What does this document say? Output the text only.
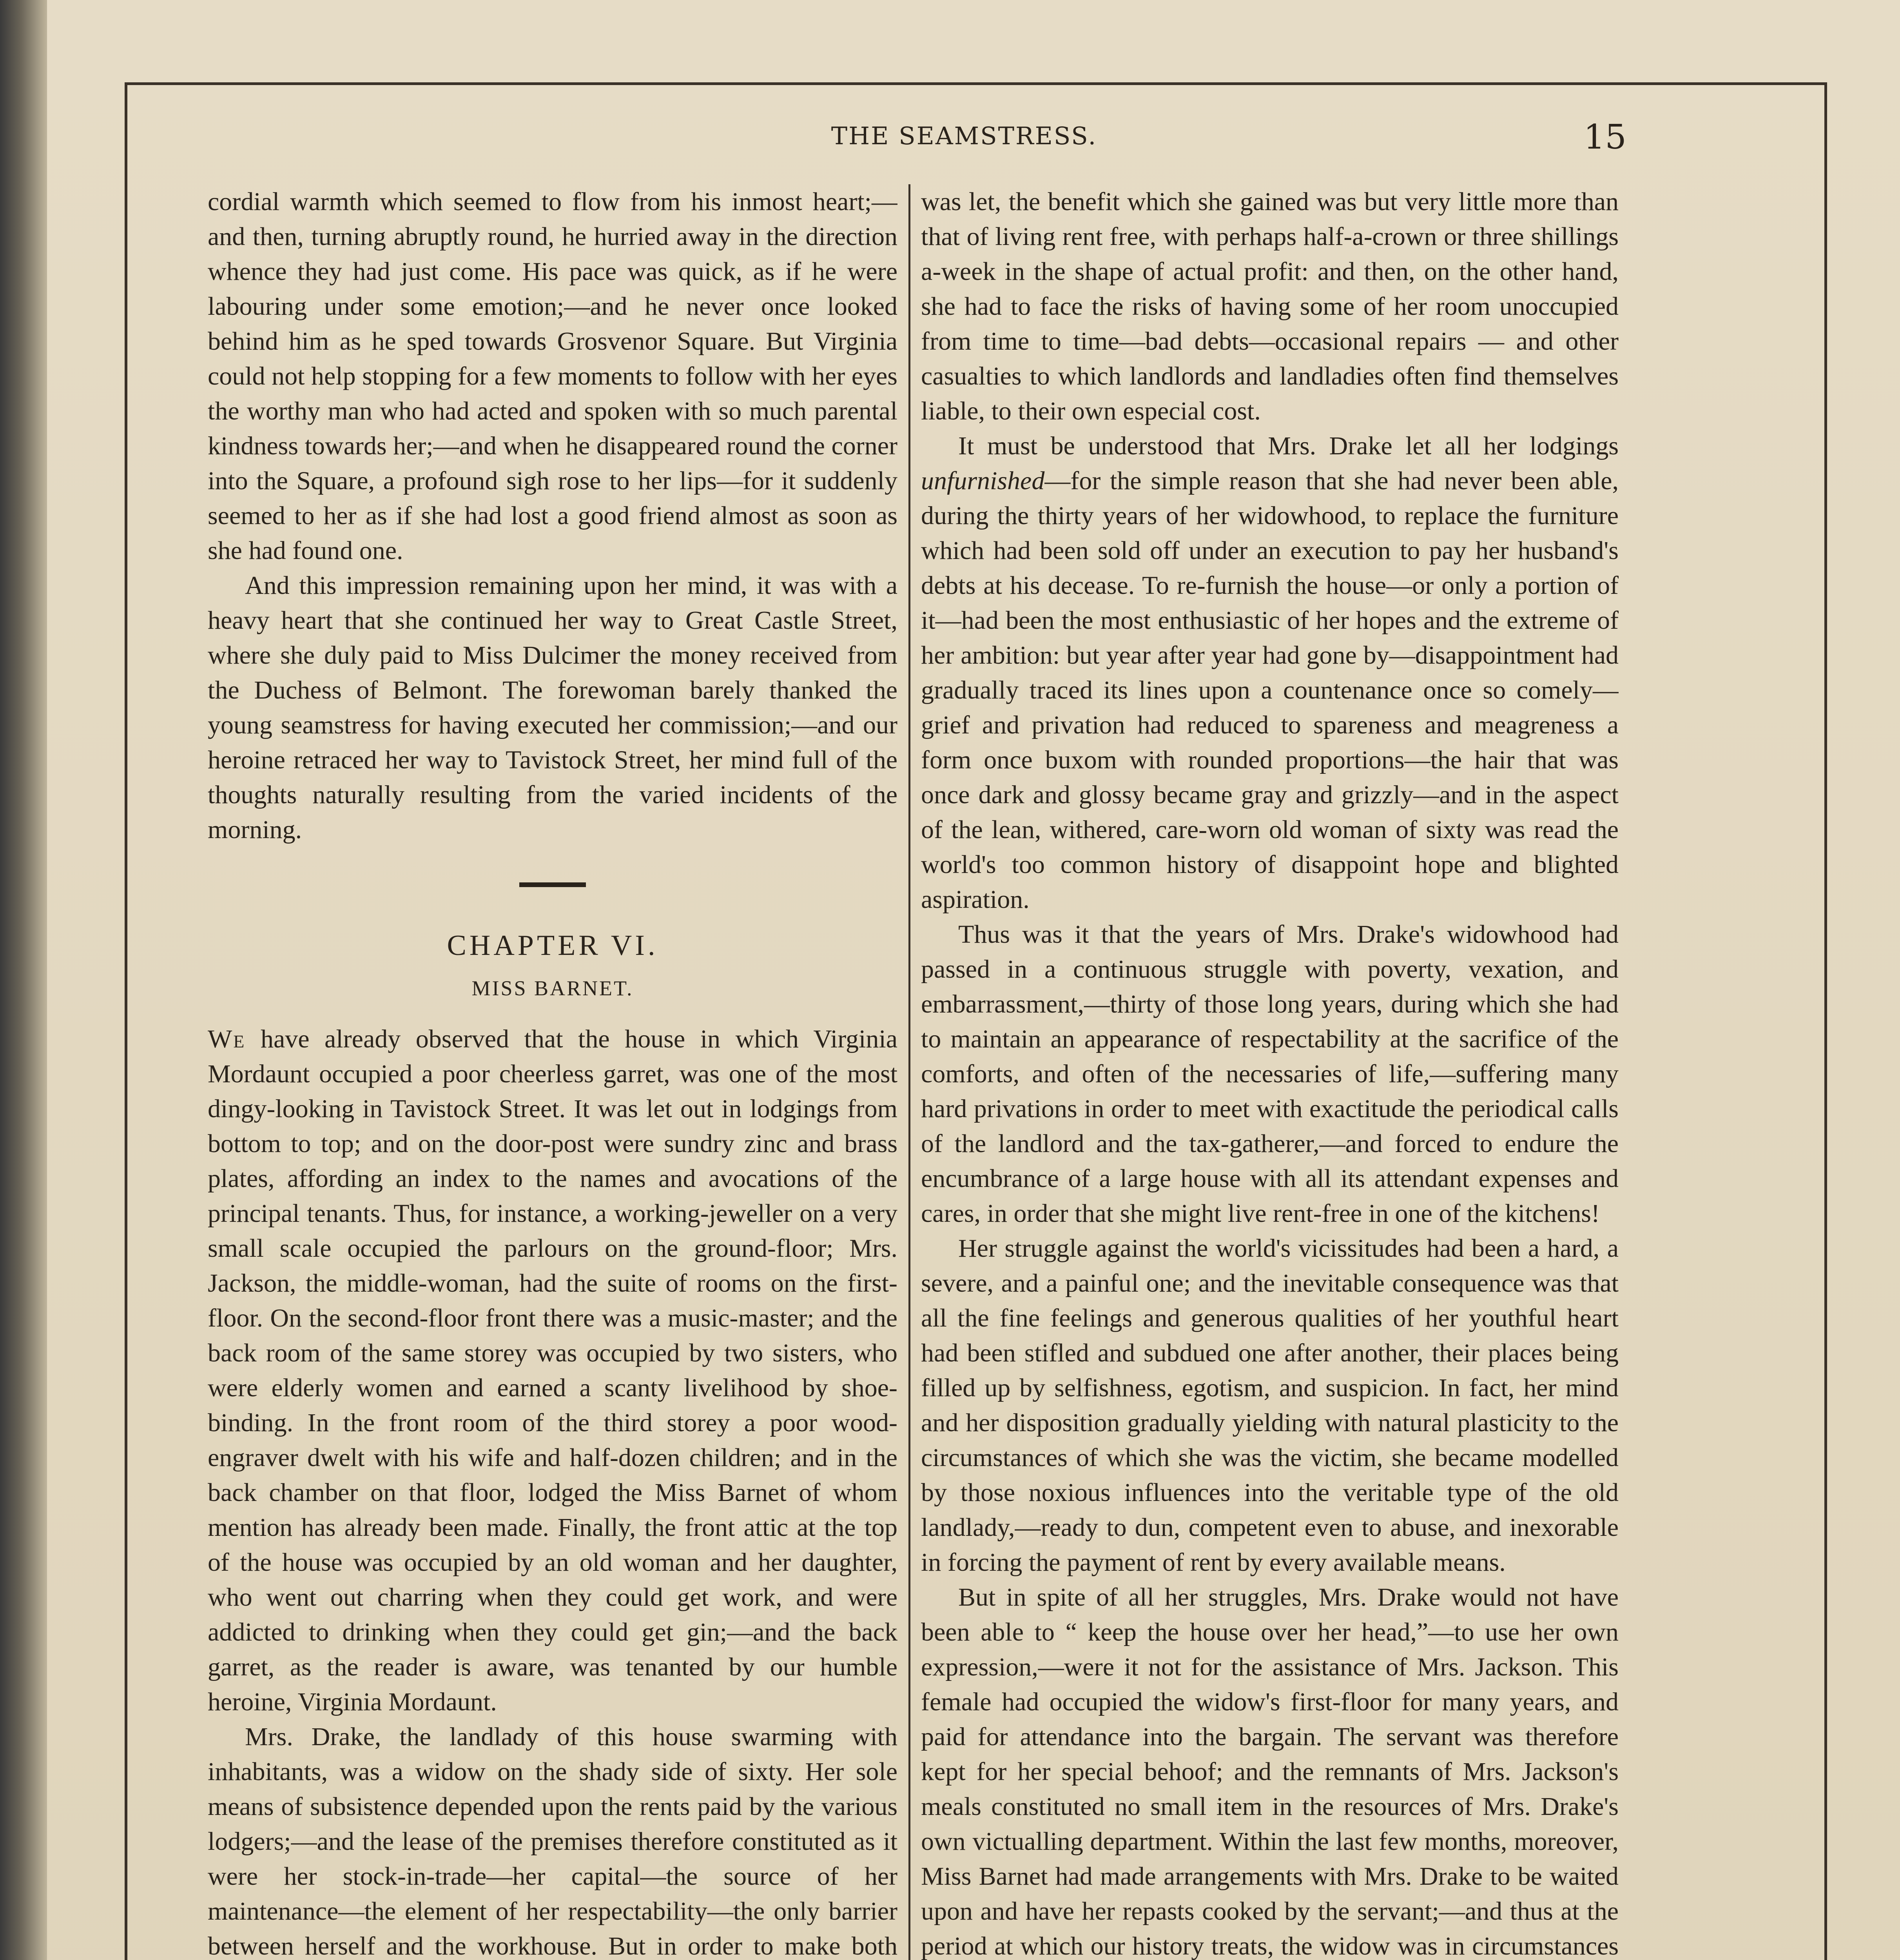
THE SEAMSTRESS.	15

cordial warmth which seemed to flow from his inmost heart;—and then, turning abruptly round, he hurried away in the direction whence they had just come. His pace was quick, as if he were labouring under some emotion;—and he never once looked behind him as he sped towards Grosvenor Square. But Virginia could not help stopping for a few moments to follow with her eyes the worthy man who had acted and spoken with so much parental kindness towards her;—and when he disappeared round the corner into the Square, a profound sigh rose to her lips—for it suddenly seemed to her as if she had lost a good friend almost as soon as she had found one.

And this impression remaining upon her mind, it was with a heavy heart that she continued her way to Great Castle Street, where she duly paid to Miss Dulcimer the money received from the Duchess of Belmont. The forewoman barely thanked the young seamstress for having executed her commission;—and our heroine retraced her way to Tavistock Street, her mind full of the thoughts naturally resulting from the varied incidents of the morning.

CHAPTER VI.
MISS BARNET.

We have already observed that the house in which Virginia Mordaunt occupied a poor cheerless garret, was one of the most dingy-looking in Tavistock Street. It was let out in lodgings from bottom to top; and on the door-post were sundry zinc and brass plates, affording an index to the names and avocations of the principal tenants. Thus, for instance, a working-jeweller on a very small scale occupied the parlours on the ground-floor; Mrs. Jackson, the middle-woman, had the suite of rooms on the first-floor. On the second-floor front there was a music-master; and the back room of the same storey was occupied by two sisters, who were elderly women and earned a scanty livelihood by shoe-binding. In the front room of the third storey a poor wood-engraver dwelt with his wife and half-dozen children; and in the back chamber on that floor, lodged the Miss Barnet of whom mention has already been made. Finally, the front attic at the top of the house was occupied by an old woman and her daughter, who went out charring when they could get work, and were addicted to drinking when they could get gin;—and the back garret, as the reader is aware, was tenanted by our humble heroine, Virginia Mordaunt.

Mrs. Drake, the landlady of this house swarming with inhabitants, was a widow on the shady side of sixty. Her sole means of subsistence depended upon the rents paid by the various lodgers;—and the lease of the premises therefore constituted as it were her stock-in-trade—her capital—the source of her maintenance—the element of her respectability—the only barrier between herself and the workhouse. But in order to make both

was let, the benefit which she gained was but very little more than that of living rent free, with perhaps half-a-crown or three shillings a-week in the shape of actual profit: and then, on the other hand, she had to face the risks of having some of her room unoccupied from time to time—bad debts—occasional repairs — and other casualties to which landlords and landladies often find themselves liable, to their own especial cost.

It must be understood that Mrs. Drake let all her lodgings unfurnished—for the simple reason that she had never been able, during the thirty years of her widowhood, to replace the furniture which had been sold off under an execution to pay her husband's debts at his decease. To re-furnish the house—or only a portion of it—had been the most enthusiastic of her hopes and the extreme of her ambition: but year after year had gone by—disappointment had gradually traced its lines upon a countenance once so comely—grief and privation had reduced to spareness and meagreness a form once buxom with rounded proportions—the hair that was once dark and glossy became gray and grizzly—and in the aspect of the lean, withered, care-worn old woman of sixty was read the world's too common history of disappoint hope and blighted aspiration.

Thus was it that the years of Mrs. Drake's widowhood had passed in a continuous struggle with poverty, vexation, and embarrassment,—thirty of those long years, during which she had to maintain an appearance of respectability at the sacrifice of the comforts, and often of the necessaries of life,—suffering many hard privations in order to meet with exactitude the periodical calls of the landlord and the tax-gatherer,—and forced to endure the encumbrance of a large house with all its attendant expenses and cares, in order that she might live rent-free in one of the kitchens!

Her struggle against the world's vicissitudes had been a hard, a severe, and a painful one; and the inevitable consequence was that all the fine feelings and generous qualities of her youthful heart had been stifled and subdued one after another, their places being filled up by selfishness, egotism, and suspicion. In fact, her mind and her disposition gradually yielding with natural plasticity to the circumstances of which she was the victim, she became modelled by those noxious influences into the veritable type of the old landlady,—ready to dun, competent even to abuse, and inexorable in forcing the payment of rent by every available means.

But in spite of all her struggles, Mrs. Drake would not have been able to “ keep the house over her head,”—to use her own expression,—were it not for the assistance of Mrs. Jackson. This female had occupied the widow's first-floor for many years, and paid for attendance into the bargain. The servant was therefore kept for her special behoof; and the remnants of Mrs. Jackson's meals constituted no small item in the resources of Mrs. Drake's own victualling department. Within the last few months, moreover, Miss Barnet had made arrangements with Mrs. Drake to be waited upon and have her repasts cooked by the servant;—and thus at the period at which our history treats, the widow was in circumstances
